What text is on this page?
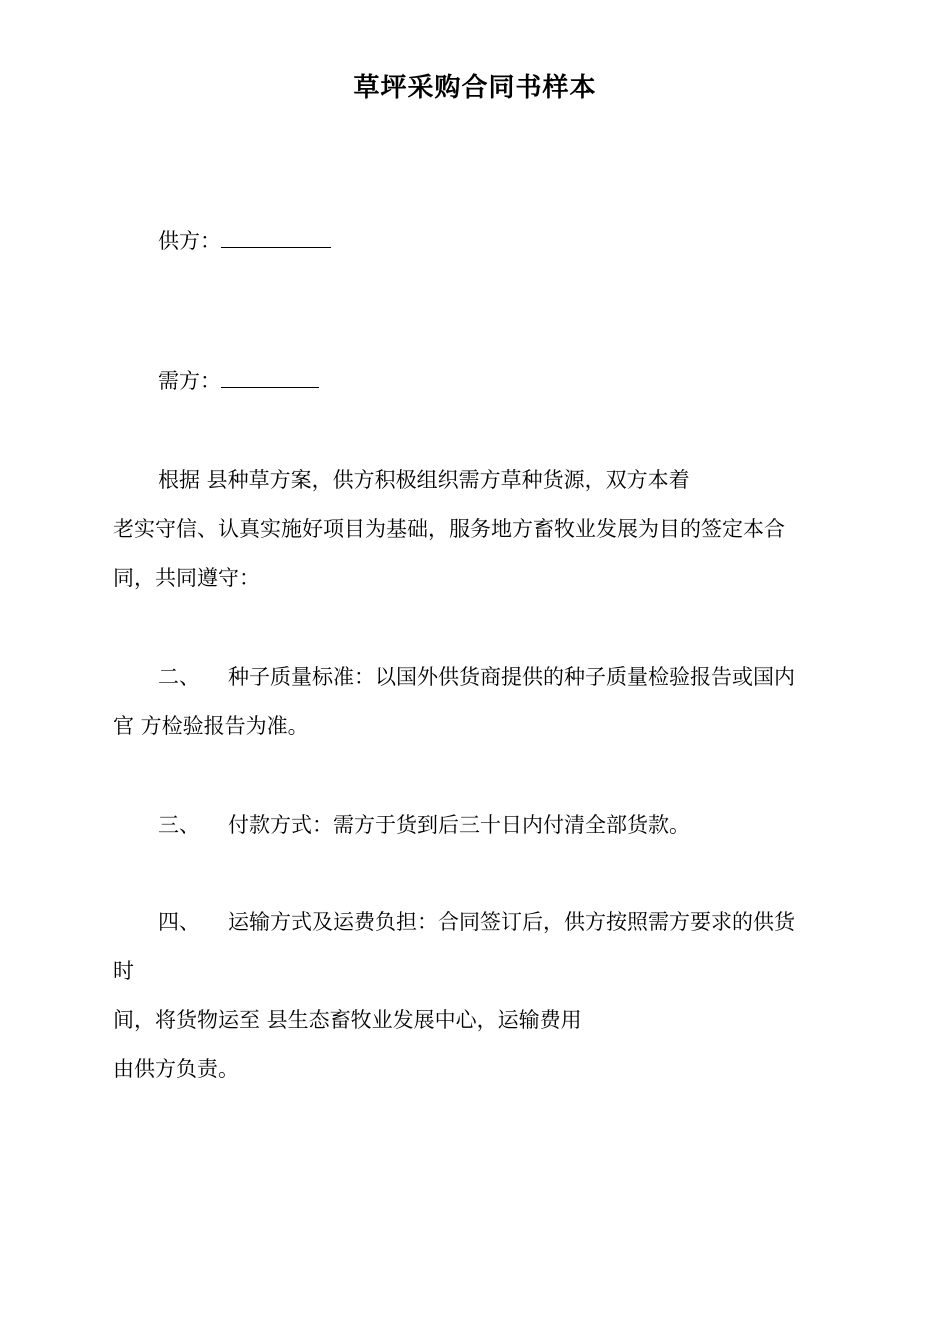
草坪采购合同书样本

供方：

需方：

根据 县种草方案，供方积极组织需方草种货源，双方本着

老实守信、认真实施好项目为基础，服务地方畜牧业发展为目的签定本合

同，共同遵守：

二、 种子质量标准：以国外供货商提供的种子质量检验报告或国内

官 方检验报告为准。

三、 付款方式：需方于货到后三十日内付清全部货款。

四、 运输方式及运费负担：合同签订后，供方按照需方要求的供货

时

间，将货物运至 县生态畜牧业发展中心，运输费用

由供方负责。
